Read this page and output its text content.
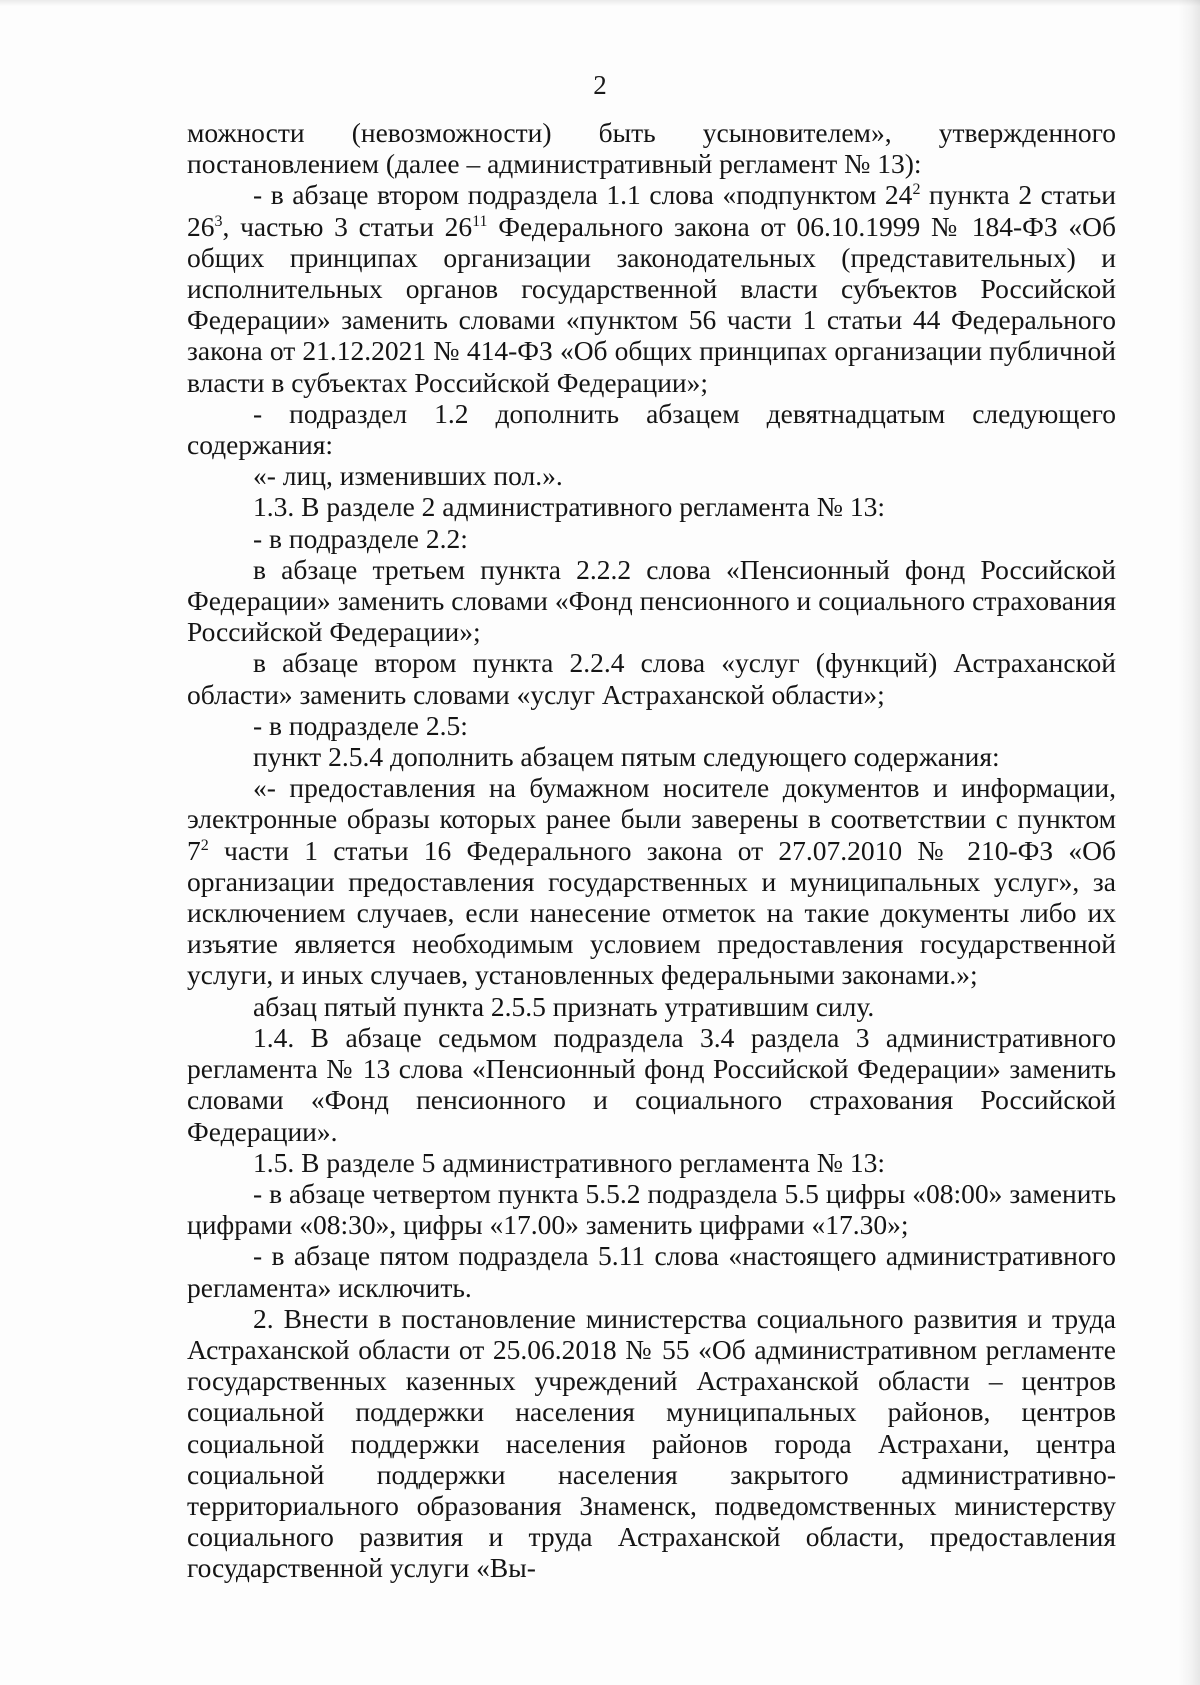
2

можности (невозможности) быть усыновителем», утвержденного постановлением (далее – административный регламент № 13):

- в абзаце втором подраздела 1.1 слова «подпунктом $24^2$ пункта 2 статьи $26^3$, частью 3 статьи $26^{11}$ Федерального закона от 06.10.1999 № 184-ФЗ «Об общих принципах организации законодательных (представительных) и исполнительных органов государственной власти субъектов Российской Федерации» заменить словами «пунктом 56 части 1 статьи 44 Федерального закона от 21.12.2021 № 414-ФЗ «Об общих принципах организации публичной власти в субъектах Российской Федерации»;

- подраздел 1.2 дополнить абзацем девятнадцатым следующего содержания:

«- лиц, изменивших пол.».

1.3. В разделе 2 административного регламента № 13:

- в подразделе 2.2:

в абзаце третьем пункта 2.2.2 слова «Пенсионный фонд Российской Федерации» заменить словами «Фонд пенсионного и социального страхования Российской Федерации»;

в абзаце втором пункта 2.2.4 слова «услуг (функций) Астраханской области» заменить словами «услуг Астраханской области»;

- в подразделе 2.5:

пункт 2.5.4 дополнить абзацем пятым следующего содержания:

«- предоставления на бумажном носителе документов и информации, электронные образы которых ранее были заверены в соответствии с пунктом $7^2$ части 1 статьи 16 Федерального закона от 27.07.2010 № 210-ФЗ «Об организации предоставления государственных и муниципальных услуг», за исключением случаев, если нанесение отметок на такие документы либо их изъятие является необходимым условием предоставления государственной услуги, и иных случаев, установленных федеральными законами.»;

абзац пятый пункта 2.5.5 признать утратившим силу.

1.4. В абзаце седьмом подраздела 3.4 раздела 3 административного регламента № 13 слова «Пенсионный фонд Российской Федерации» заменить словами «Фонд пенсионного и социального страхования Российской Федерации».

1.5. В разделе 5 административного регламента № 13:

- в абзаце четвертом пункта 5.5.2 подраздела 5.5 цифры «08:00» заменить цифрами «08:30», цифры «17.00» заменить цифрами «17.30»;

- в абзаце пятом подраздела 5.11 слова «настоящего административного регламента» исключить.

2. Внести в постановление министерства социального развития и труда Астраханской области от 25.06.2018 № 55 «Об административном регламенте государственных казенных учреждений Астраханской области – центров социальной поддержки населения муниципальных районов, центров социальной поддержки населения районов города Астрахани, центра социальной поддержки населения закрытого административно-территориального образования Знаменск, подведомственных министерству социального развития и труда Астраханской области, предоставления государственной услуги «Вы-
